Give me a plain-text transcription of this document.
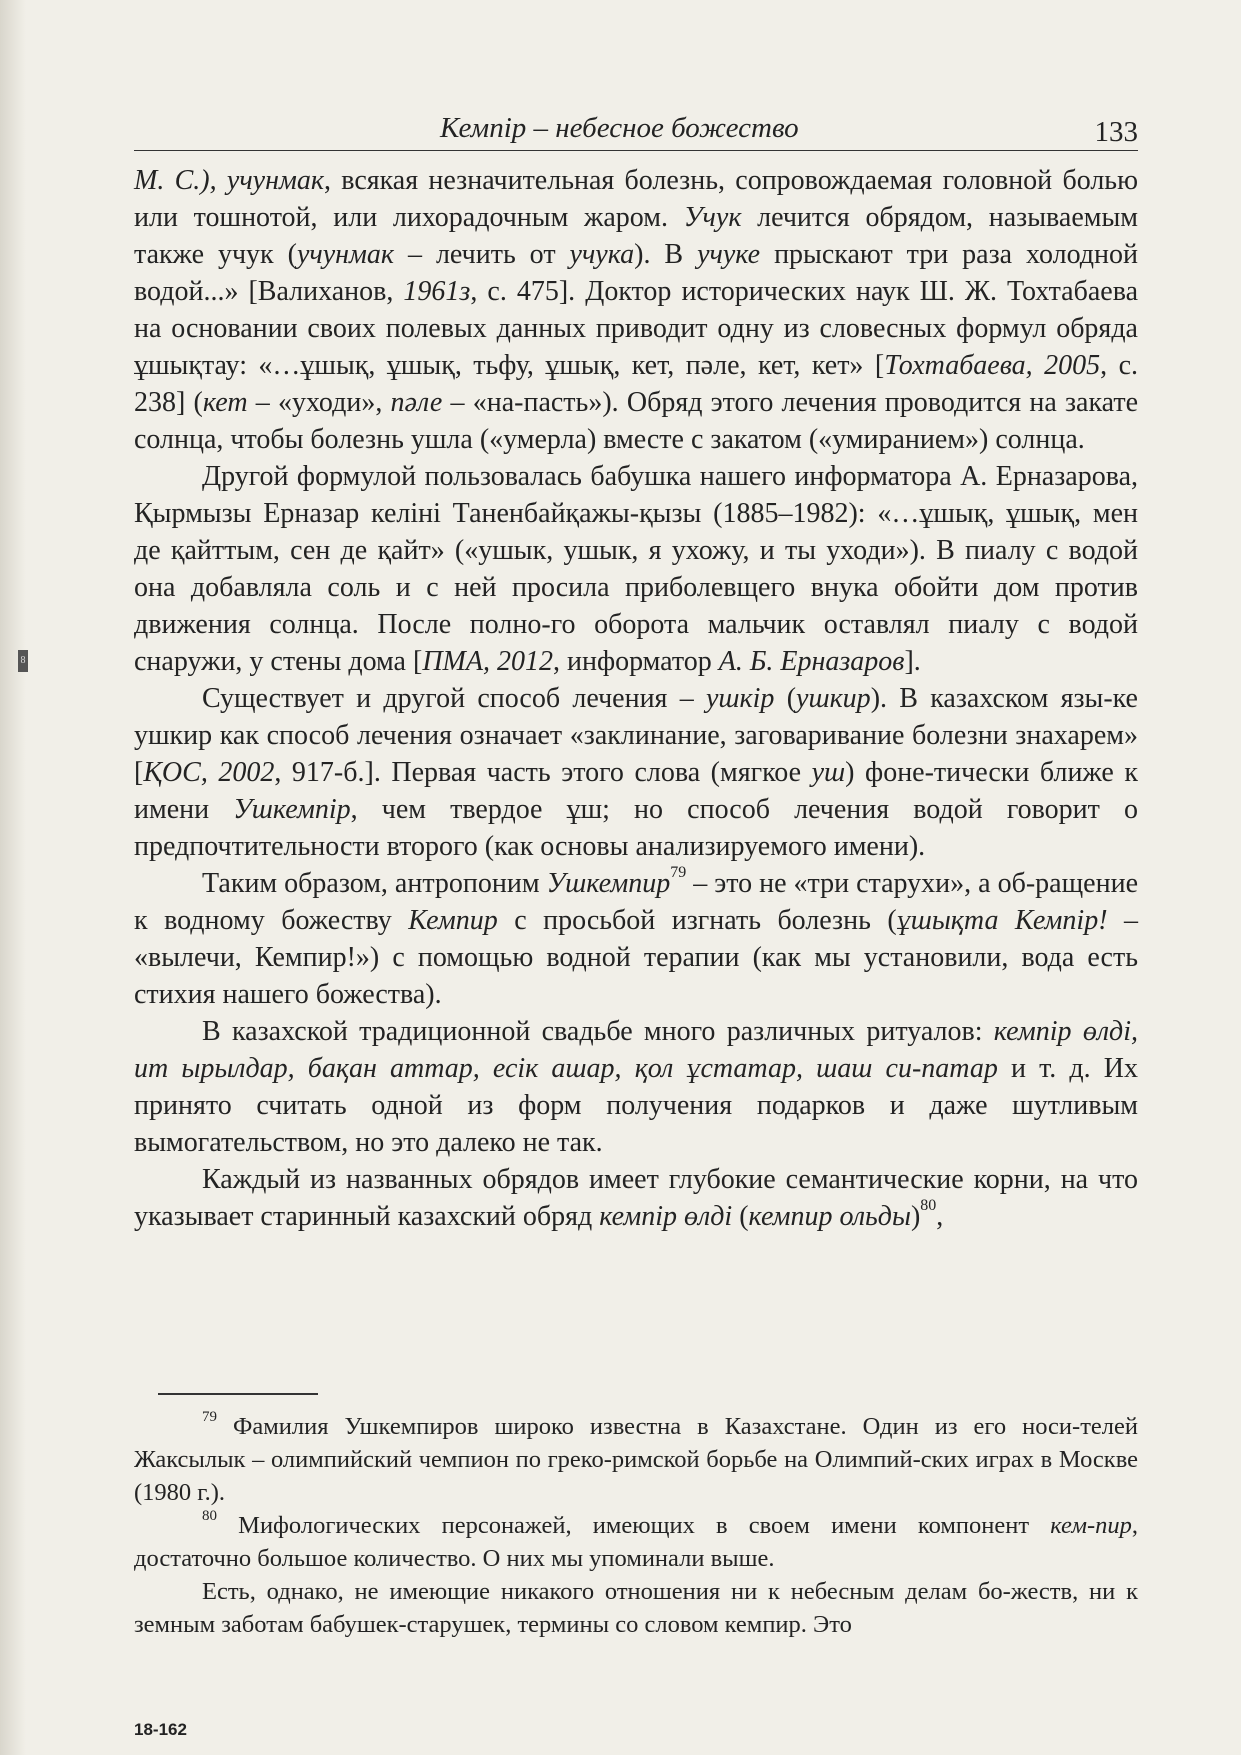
8
Кемпір – небесное божество	133

М. С.), учунмак, всякая незначительная болезнь, сопровождаемая головной болью или тошнотой, или лихорадочным жаром. Учук лечится обрядом, называемым также учук (учунмак – лечить от учука). В учуке прыскают три раза холодной водой...» [Валиханов, 1961з, с. 475]. Доктор исторических наук Ш. Ж. Тохтабаева на основании своих полевых данных приводит одну из словесных формул обряда ұшықтау: «…ұшық, ұшық, тьфу, ұшық, кет, пәле, кет, кет» [Тохтабаева, 2005, с. 238] (кет – «уходи», пәле – «на-пасть»). Обряд этого лечения проводится на закате солнца, чтобы болезнь ушла («умерла) вместе с закатом («умиранием») солнца.

Другой формулой пользовалась бабушка нашего информатора А. Ерназарова, Қырмызы Ерназар келіні Таненбайқажы-қызы (1885–1982): «…ұшық, ұшық, мен де қайттым, сен де қайт» («ушык, ушык, я ухожу, и ты уходи»). В пиалу с водой она добавляла соль и с ней просила приболевщего внука обойти дом против движения солнца. После полно-го оборота мальчик оставлял пиалу с водой снаружи, у стены дома [ПМА, 2012, информатор А. Б. Ерназаров].

Существует и другой способ лечения – ушкір (ушкир). В казахском язы-ке ушкир как способ лечения означает «заклинание, заговаривание болезни знахарем» [ҚОС, 2002, 917-б.]. Первая часть этого слова (мягкое уш) фоне-тически ближе к имени Ушкемпір, чем твердое ұш; но способ лечения водой говорит о предпочтительности второго (как основы анализируемого имени).

Таким образом, антропоним Ушкемпир$^{79}$ – это не «три старухи», а об-ращение к водному божеству Кемпир с просьбой изгнать болезнь (ұшықта Кемпір! – «вылечи, Кемпир!») с помощью водной терапии (как мы установили, вода есть стихия нашего божества).

В казахской традиционной свадьбе много различных ритуалов: кемпір өлді, ит ырылдар, бақан аттар, есік ашар, қол ұстатар, шаш си-патар и т. д. Их принято считать одной из форм получения подарков и даже шутливым вымогательством, но это далеко не так.

Каждый из названных обрядов имеет глубокие семантические корни, на что указывает старинный казахский обряд кемпір өлді (кемпир ольды)$^{80}$,

$^{79}$ Фамилия Ушкемпиров широко известна в Казахстане. Один из его носи-телей Жаксылык – олимпийский чемпион по греко-римской борьбе на Олимпий-ских играх в Москве (1980 г.).

$^{80}$ Мифологических персонажей, имеющих в своем имени компонент кем-пир, достаточно большое количество. О них мы упоминали выше.

Есть, однако, не имеющие никакого отношения ни к небесным делам бо-жеств, ни к земным заботам бабушек-старушек, термины со словом кемпир. Это

18-162
